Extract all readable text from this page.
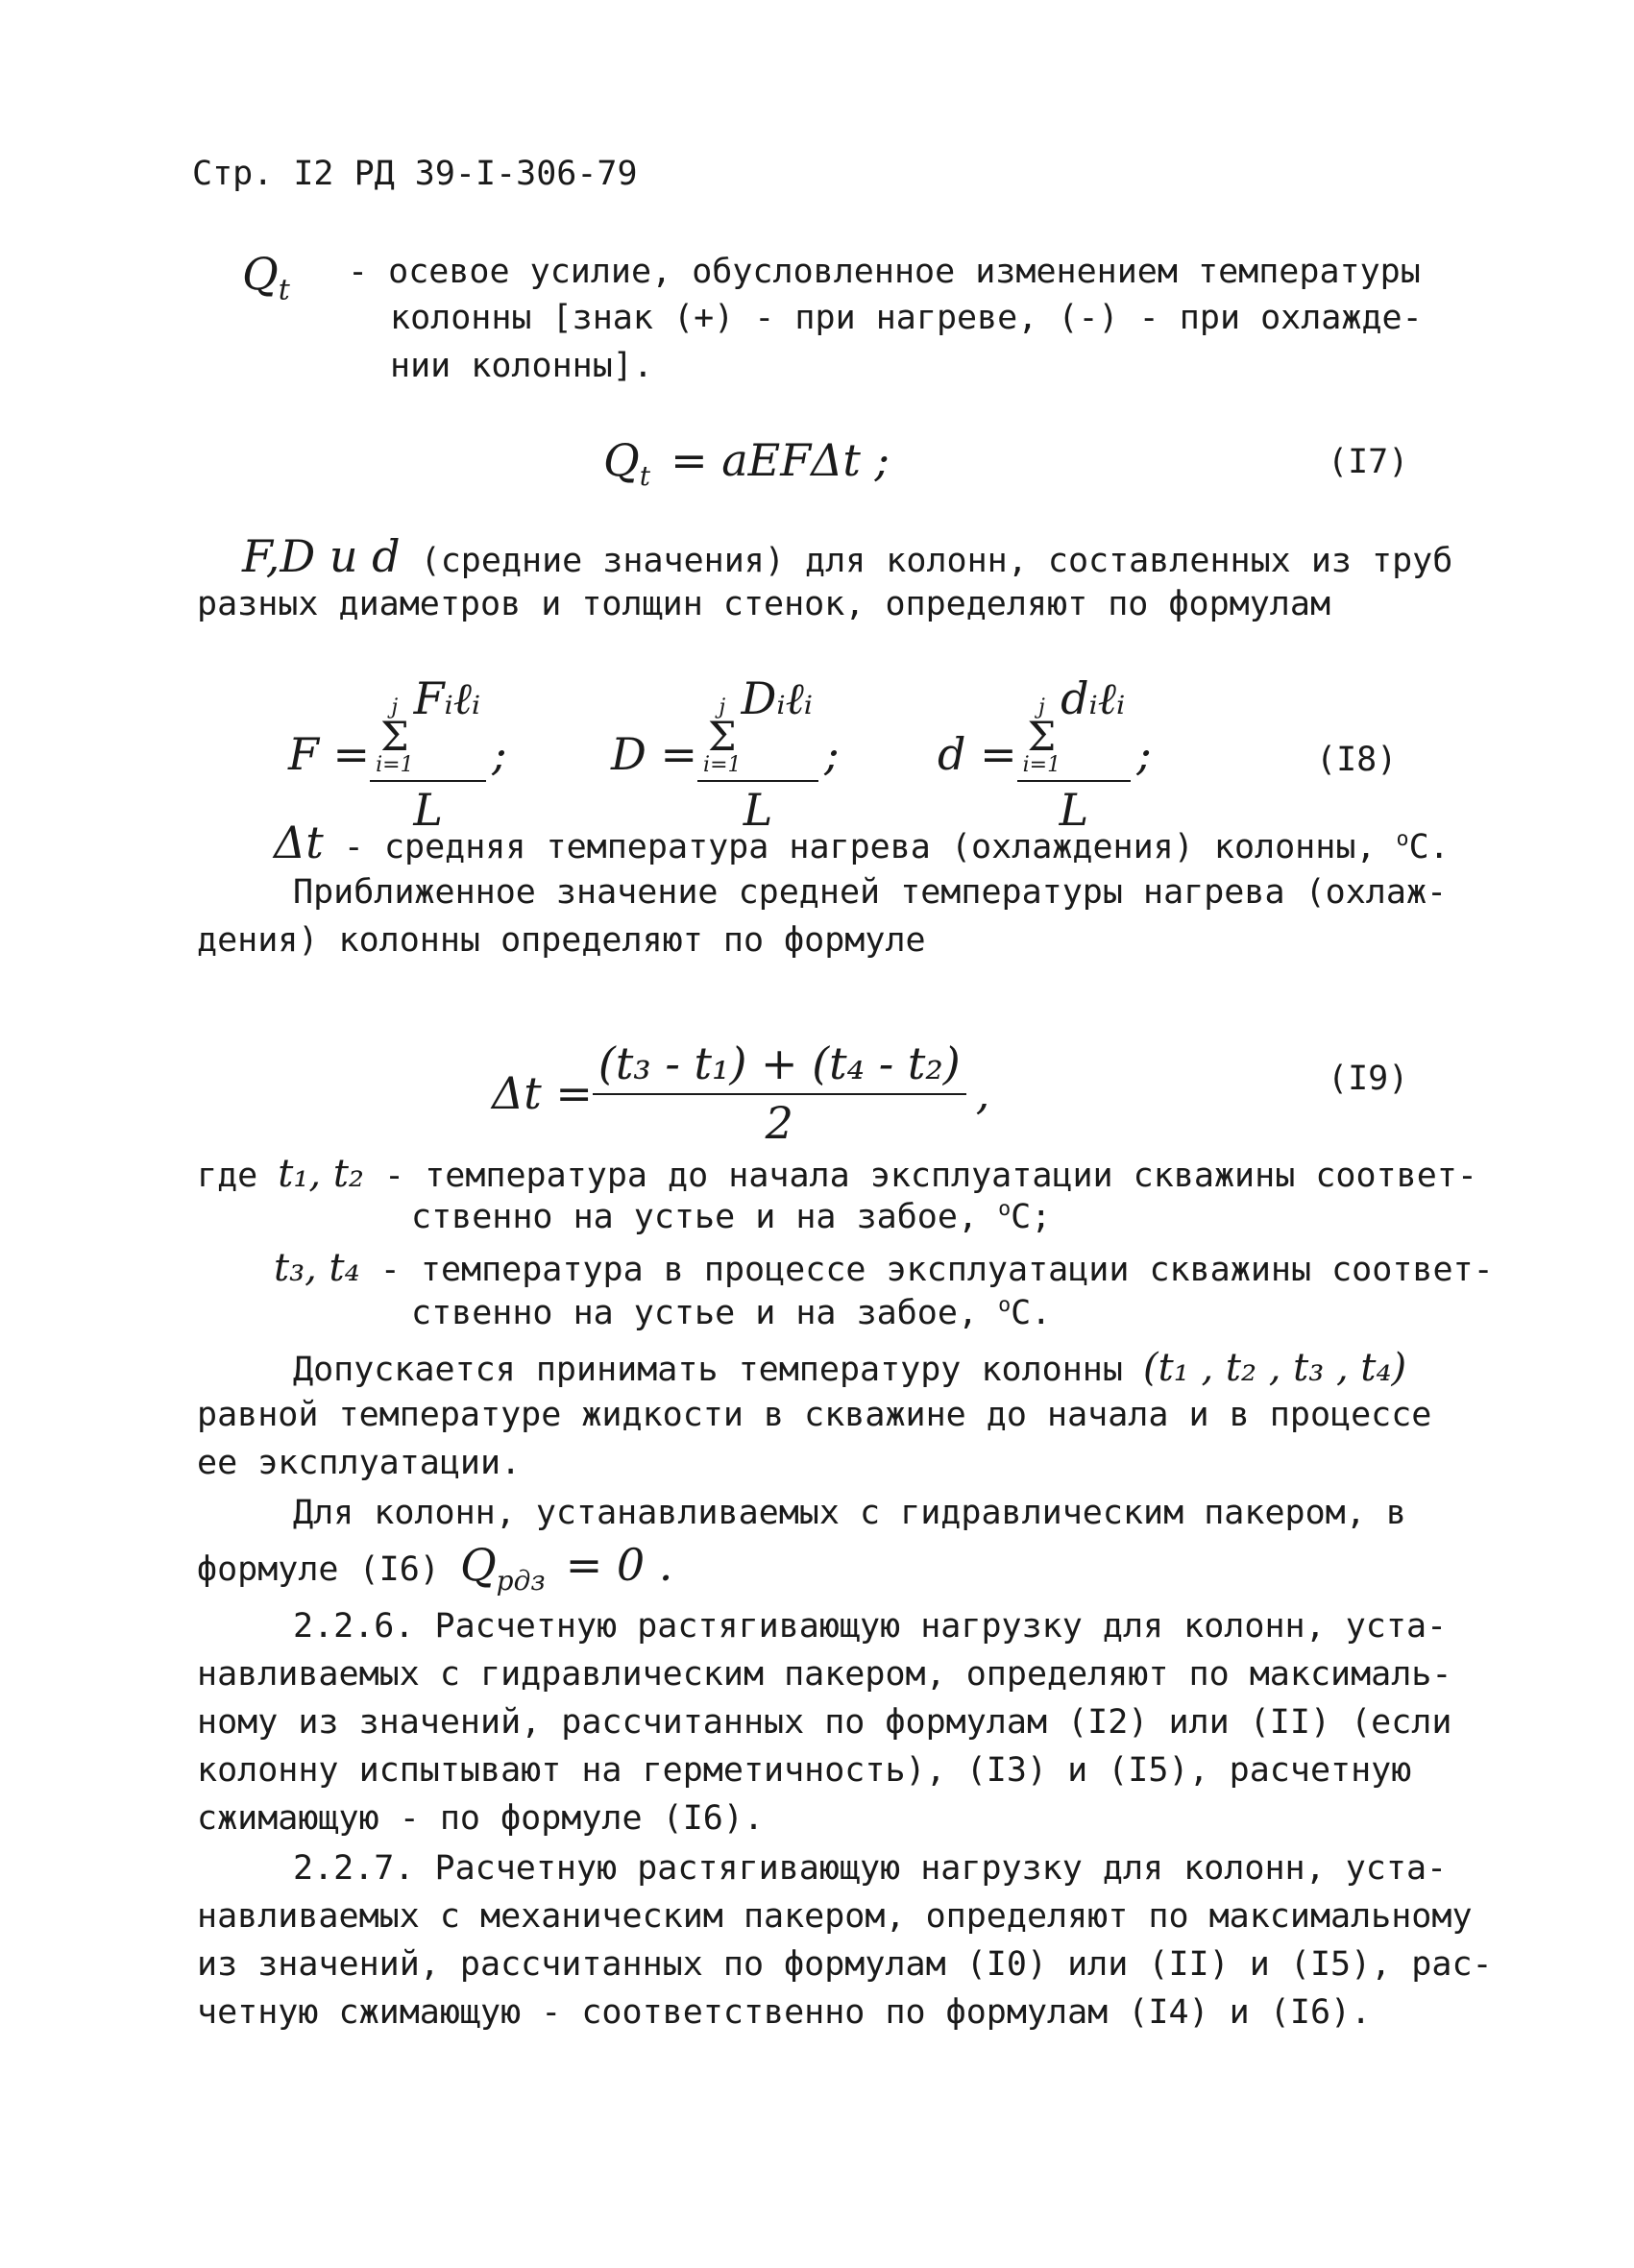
Стр. I2 РД 39-I-306-79
$Q_t$ - осевое усилие, обусловленное изменением температуры
колонны [знак (+) - при нагреве, (-) - при охлажде-
нии колонны].
$Q_t = aEF\Delta t$ ;	(I7)
F,D и d (средние значения) для колонн, составленных из труб
разных диаметров и толщин стенок, определяют по формулам
F = j
Σ
i=1
Fᵢℓᵢ
L ; D = j
Σ
i=1
Dᵢℓᵢ
L ; d = j
Σ
i=1
dᵢℓᵢ
L ;	(I8)
Δt - средняя температура нагрева (охлаждения) колонны, $^о$С.
Приближенное значение средней температуры нагрева (охлаж-
дения) колонны определяют по формуле
$\Delta t = \frac{\text{(t₃ - t₁) + (t₄ - t₂)}}{2}$ ,	(I9)
где t₁, t₂ - температура до начала эксплуатации скважины соответ-
ственно на устье и на забое, $^о$С;
t₃, t₄ - температура в процессе эксплуатации скважины соответ-
ственно на устье и на забое, $^о$С.
Допускается принимать температуру колонны (t₁ , t₂ , t₃ , t₄)
равной температуре жидкости в скважине до начала и в процессе
ее эксплуатации.
Для колонн, устанавливаемых с гидравлическим пакером, в
формуле (I6) $Q_{рдз} = 0$ .
2.2.6. Расчетную растягивающую нагрузку для колонн, уста-
навливаемых с гидравлическим пакером, определяют по максималь-
ному из значений, рассчитанных по формулам (I2) или (II) (если
колонну испытывают на герметичность), (I3) и (I5), расчетную
сжимающую - по формуле (I6).
2.2.7. Расчетную растягивающую нагрузку для колонн, уста-
навливаемых с механическим пакером, определяют по максимальному
из значений, рассчитанных по формулам (I0) или (II) и (I5), рас-
четную сжимающую - соответственно по формулам (I4) и (I6).
